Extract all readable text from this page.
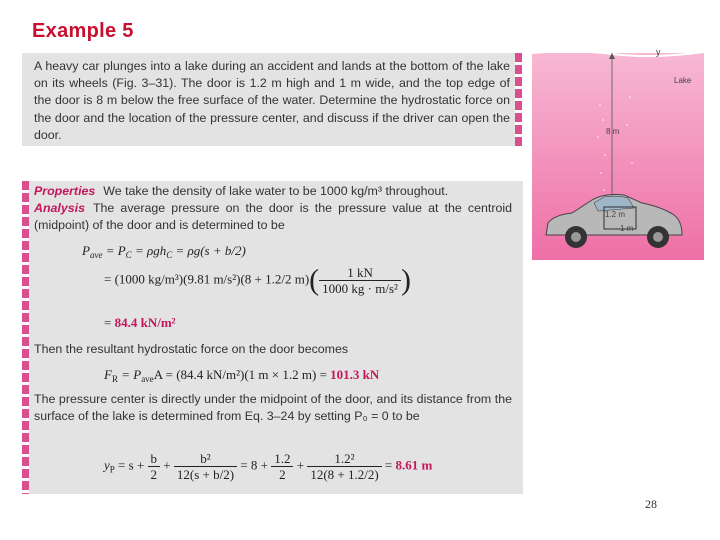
Example 5
A heavy car plunges into a lake during an accident and lands at the bottom of the lake on its wheels (Fig. 3–31). The door is 1.2 m high and 1 m wide, and the top edge of the door is 8 m below the free surface of the water. Determine the hydrostatic force on the door and the location of the pressure center, and discuss if the driver can open the door.
Properties We take the density of lake water to be 1000 kg/m³ throughout.
Analysis The average pressure on the door is the pressure value at the centroid (midpoint) of the door and is determined to be
$P_{ave} = P_C = \rho gh_C = \rho g(s + b/2)$
= (1000 kg/m³)(9.81 m/s²)(8 + 1.2/2 $m)( \frac{1 kN}{\text{1000 kg · m/s²}}$ )
= 84.4 kN/m²
Then the resultant hydrostatic force on the door becomes
$F_R = P_{ave}A = (84.4$ kN/m²)(1 m × 1.2 m) = 101.3 kN
The pressure center is directly under the midpoint of the door, and its distance from the surface of the lake is determined from Eq. 3–24 by setting P₀ = 0 to be
$y_P = s + \frac{b}{2} + \frac{\text{b²}}{12(s + b/2)} = 8 + \frac{1.2}{2} + \frac{\text{1.2²}}{12(8 + 1.2/2)} = 8.61$ m
y
Lake
8 m
1.2 m
1 m
28
